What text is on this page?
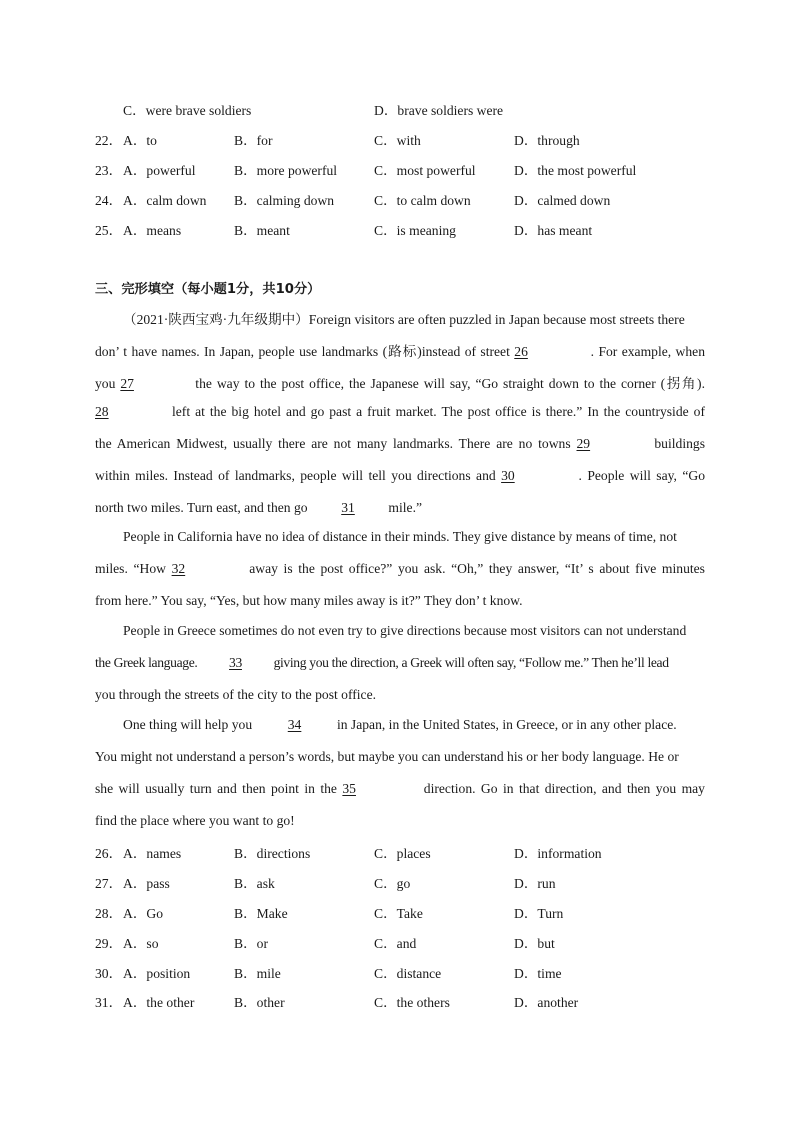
C．were brave soldiers	D．brave soldiers were
22． A．to	B．for	C．with	D．through
23． A．powerful	B．more powerful	C．most powerful	D．the most powerful
24． A．calm down B．calming down	C．to calm down	D．calmed down
25． A．means	B．meant	C．is meaning	D．has meant
三、完形填空（每小题1分，共10分）
（2021·陕西宝鸡·九年级期中）Foreign visitors are often puzzled in Japan because most streets there
don’ t have names. In Japan, people use landmarks (路标)instead of street 26	. For example, when
you 27	the way to the post office, the Japanese will say, “Go straight down to the corner (拐角).
28	left at the big hotel and go past a fruit market. The post office is there.” In the countryside of
the American Midwest, usually there are not many landmarks. There are no towns 29	buildings
within miles. Instead of landmarks, people will tell you directions and 30	. People will say, “Go
north two miles. Turn east, and then go 31 mile.”
People in California have no idea of distance in their minds. They give distance by means of time, not
miles. “How 32	away is the post office?” you ask. “Oh,” they answer, “It’ s about five minutes
from here.” You say, “Yes, but how many miles away is it?” They don’ t know.
People in Greece sometimes do not even try to give directions because most visitors can not understand
the Greek language. 33 giving you the direction, a Greek will often say, “Follow me.” Then he’ll lead
you through the streets of the city to the post office.
One thing will help you	34	in Japan, in the United States, in Greece, or in any other place.
You might not understand a person’s words, but maybe you can understand his or her body language. He or
she will usually turn and then point in the 35	direction. Go in that direction, and then you may
find the place where you want to go!
26． A．names	B．directions	C．places	D．information
27． A．pass	B．ask	C．go	D．run
28． A．Go	B．Make	C．Take	D．Turn
29． A．so	B．or	C．and	D．but
30． A．position	B．mile	C．distance	D．time
31． A．the other	B．other	C．the others	D．another
